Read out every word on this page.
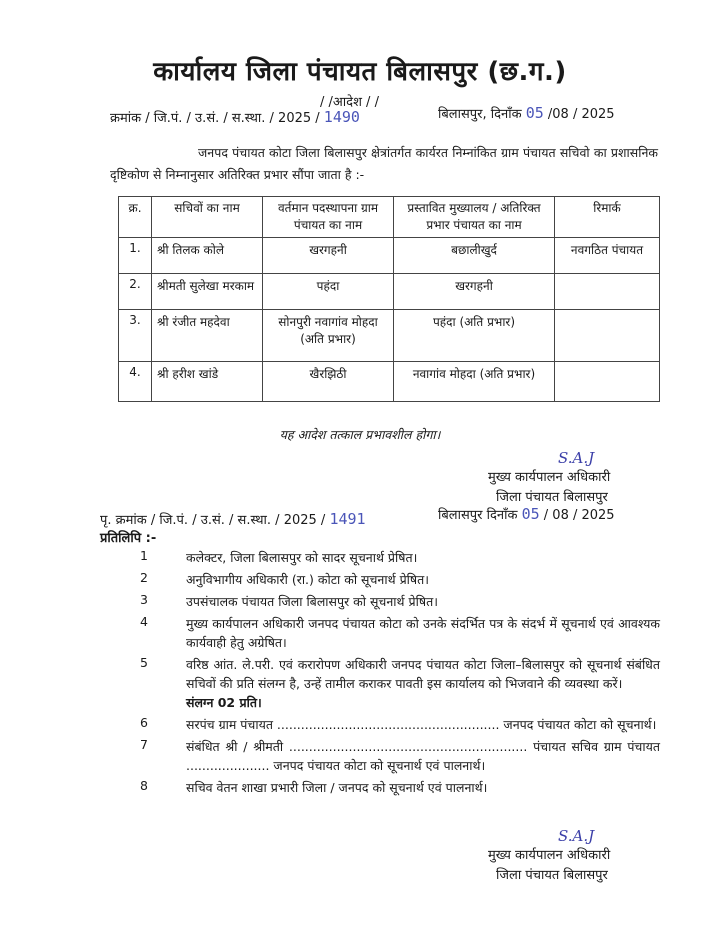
कार्यालय जिला पंचायत बिलासपुर (छ.ग.)
/ /आदेश / /
क्रमांक / जि.पं. / उ.सं. / स.स्था. / 2025 / 1490	बिलासपुर, दिनाँक 05 /08 / 2025
जनपद पंचायत कोटा जिला बिलासपुर क्षेत्रांतर्गत कार्यरत निम्नांकित ग्राम पंचायत सचिवो का प्रशासनिक दृष्टिकोण से निम्नानुसार अतिरिक्त प्रभार सौंपा जाता है :-
क्र.	सचिवों का नाम	वर्तमान पदस्थापना ग्राम पंचायत का नाम	प्रस्तावित मुख्यालय / अतिरिक्त प्रभार पंचायत का नाम	रिमार्क
1.	श्री तिलक कोले	खरगहनी	बछालीखुर्द	नवगठित पंचायत
2.	श्रीमती सुलेखा मरकाम	पहंदा	खरगहनी	
3.	श्री रंजीत महदेवा	सोनपुरी नवागांव मोहदा (अति प्रभार)	पहंदा (अति प्रभार)	
4.	श्री हरीश खांडे	खैरझिठी	नवागांव मोहदा (अति प्रभार)	
यह आदेश तत्काल प्रभावशील होगा।
S.A.J
मुख्य कार्यपालन अधिकारी
जिला पंचायत बिलासपुर
पृ. क्रमांक / जि.पं. / उ.सं. / स.स्था. / 2025 / 1491	बिलासपुर दिनाँक 05 / 08 / 2025
प्रतिलिपि :-
1	कलेक्टर, जिला बिलासपुर को सादर सूचनार्थ प्रेषित।
2	अनुविभागीय अधिकारी (रा.) कोटा को सूचनार्थ प्रेषित।
3	उपसंचालक पंचायत जिला बिलासपुर को सूचनार्थ प्रेषित।
4	मुख्य कार्यपालन अधिकारी जनपद पंचायत कोटा को उनके संदर्भित पत्र के संदर्भ में सूचनार्थ एवं आवश्यक कार्यवाही हेतु अग्रेषित।
5	वरिष्ठ आंत. ले.परी. एवं करारोपण अधिकारी जनपद पंचायत कोटा जिला–बिलासपुर को सूचनार्थ संबंधित सचिवों की प्रति संलग्न है, उन्हें तामील कराकर पावती इस कार्यालय को भिजवाने की व्यवस्था करें।
संलग्न 02 प्रति।
6	सरपंच ग्राम पंचायत ........................................................ जनपद पंचायत कोटा को सूचनार्थ।
7	संबंधित श्री / श्रीमती ............................................................ पंचायत सचिव ग्राम पंचायत ..................... जनपद पंचायत कोटा को सूचनार्थ एवं पालनार्थ।
8	सचिव वेतन शाखा प्रभारी जिला / जनपद को सूचनार्थ एवं पालनार्थ।
S.A.J
मुख्य कार्यपालन अधिकारी
जिला पंचायत बिलासपुर
